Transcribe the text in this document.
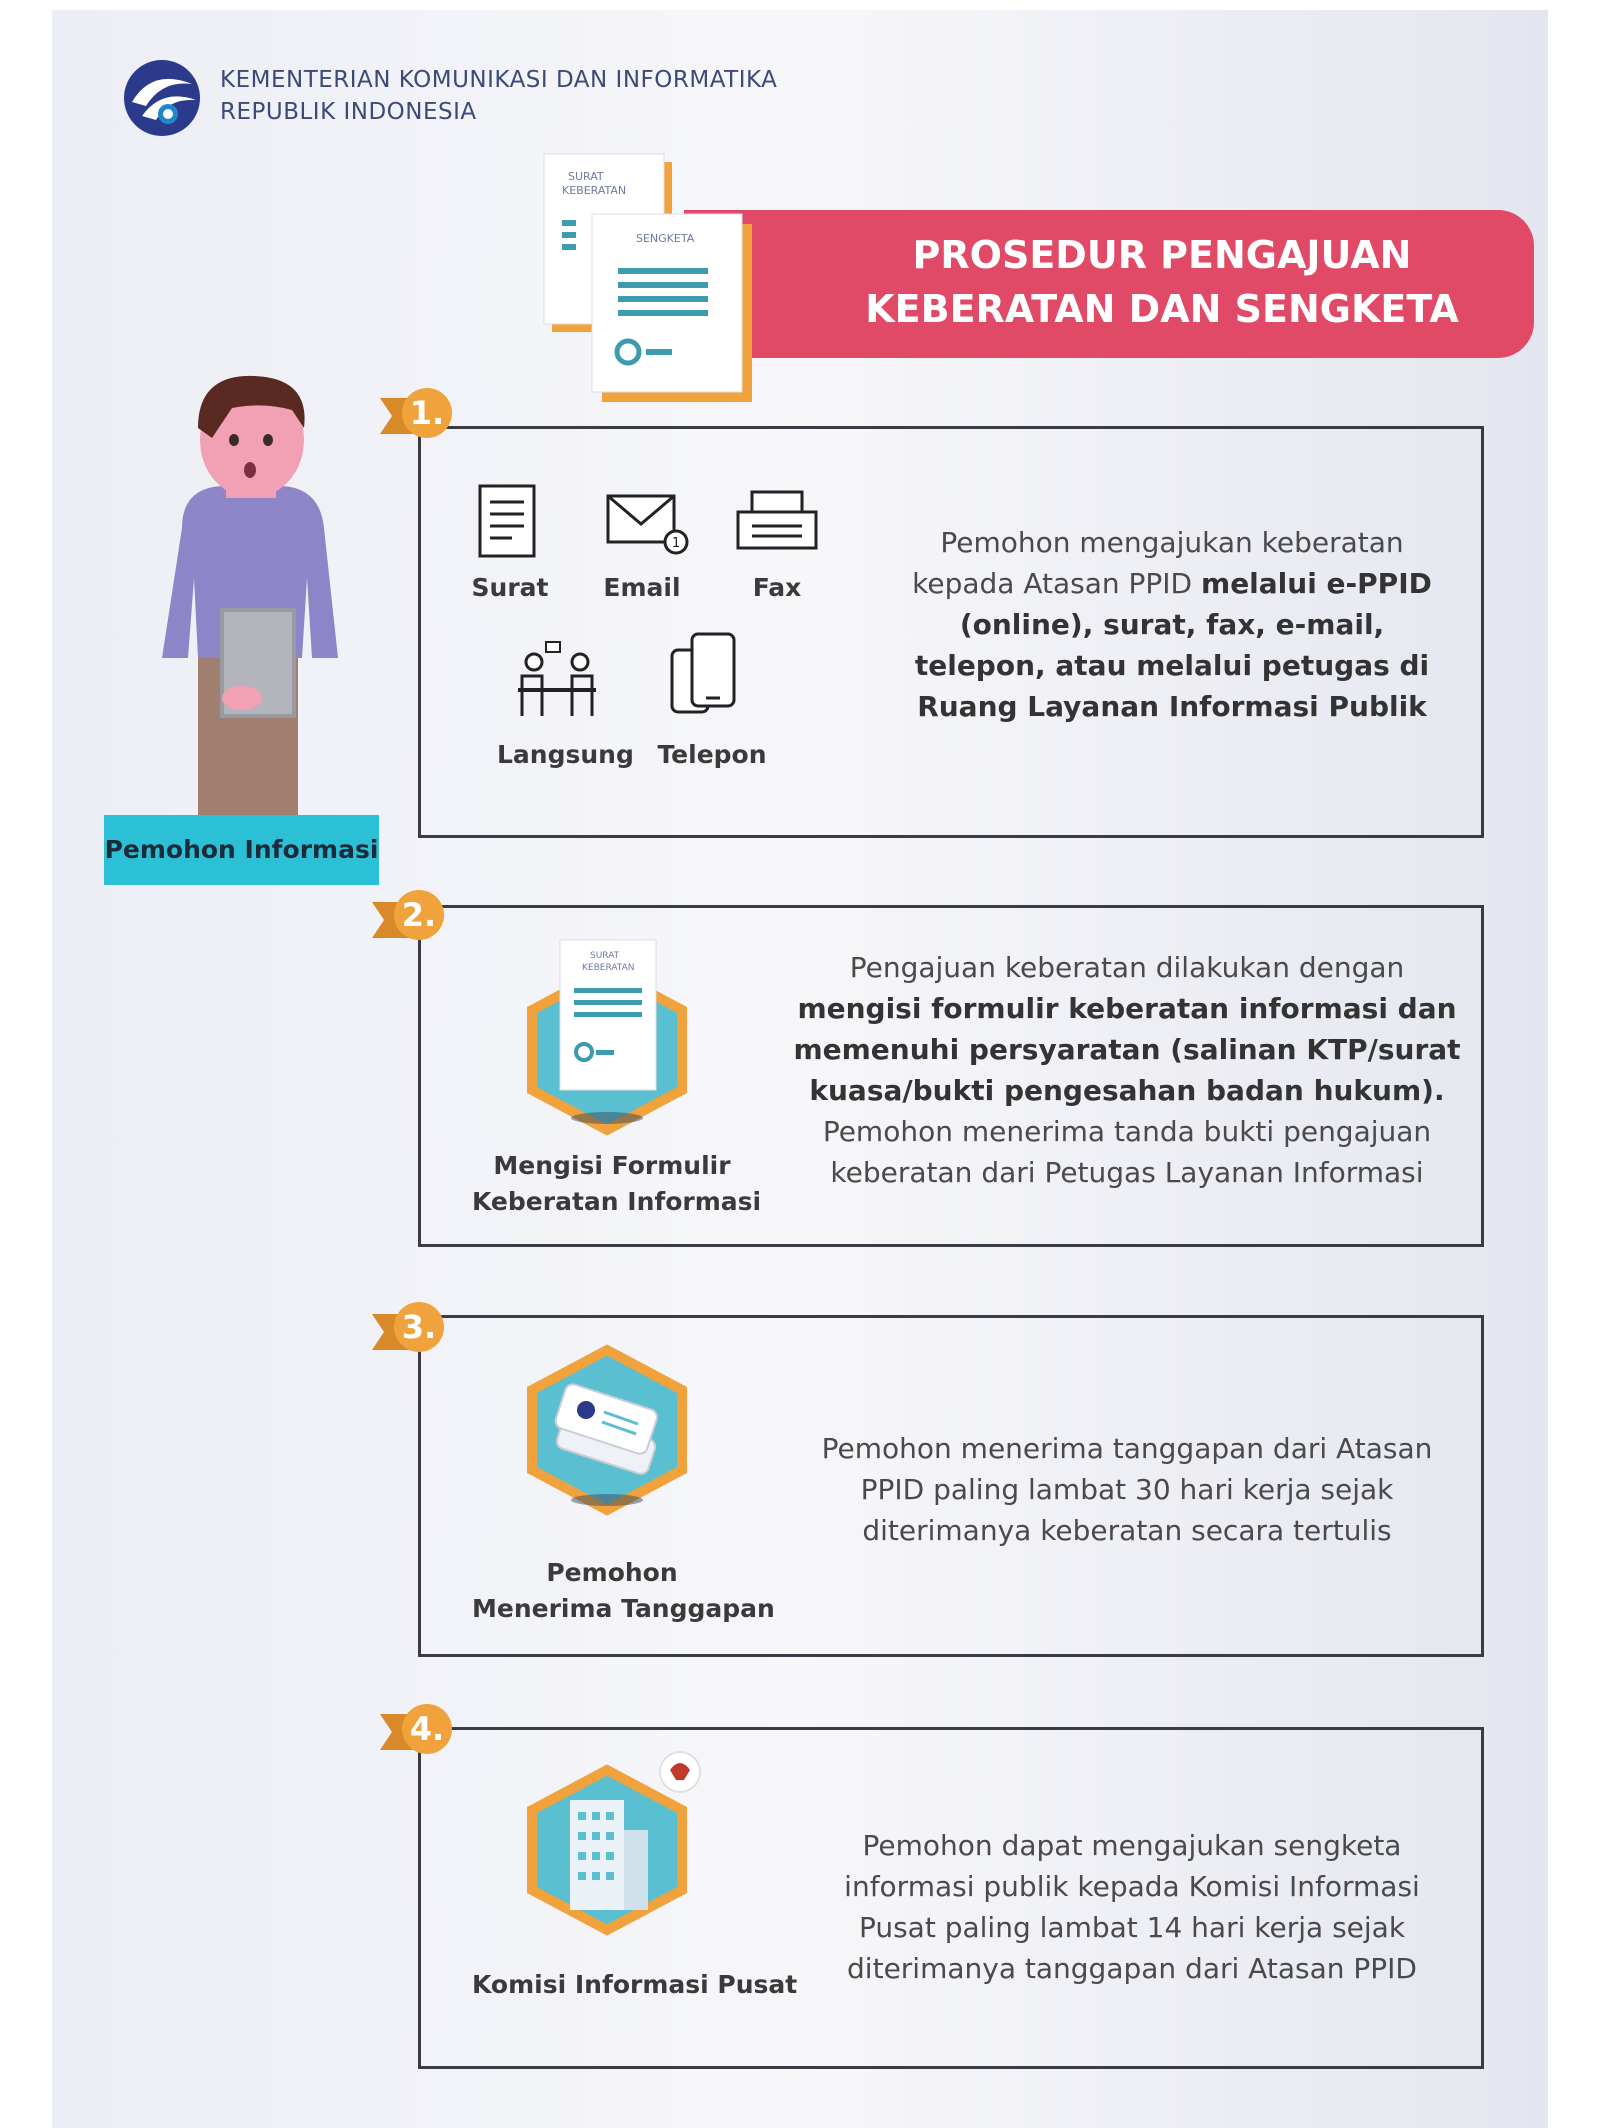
KEMENTERIAN KOMUNIKASI DAN INFORMATIKA
REPUBLIK INDONESIA
PROSEDUR PENGAJUAN
KEBERATAN DAN SENGKETA
SURAT
KEBERATAN
SENGKETA
Pemohon Informasi
1.
Surat
1
Email	Fax
Langsung Telepon
Pemohon mengajukan keberatan
kepada Atasan PPID melalui e-PPID (online), surat, fax, e-mail, telepon, atau melalui petugas di Ruang Layanan Informasi Publik
2.
SURAT
KEBERATAN
Mengisi Formulir
Keberatan Informasi
Pengajuan keberatan dilakukan dengan
mengisi formulir keberatan informasi dan memenuhi persyaratan (salinan KTP/surat kuasa/bukti pengesahan badan hukum).
Pemohon menerima tanda bukti pengajuan keberatan dari Petugas Layanan Informasi
3.
Pemohon
Menerima Tanggapan
Pemohon menerima tanggapan dari Atasan PPID paling lambat 30 hari kerja sejak diterimanya keberatan secara tertulis
4.
Komisi Informasi Pusat
Pemohon dapat mengajukan sengketa informasi publik kepada Komisi Informasi Pusat paling lambat 14 hari kerja sejak diterimanya tanggapan dari Atasan PPID
